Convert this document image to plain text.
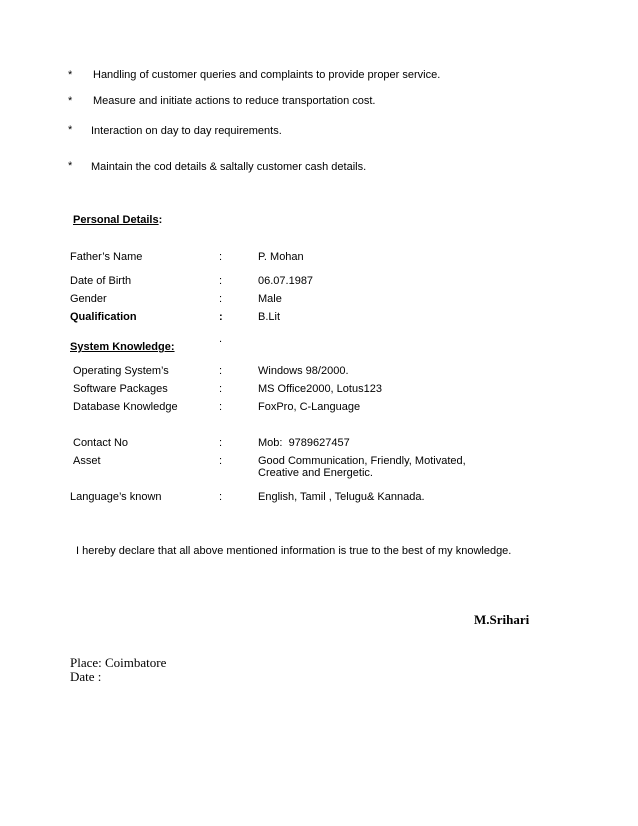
* Handling of customer queries and complaints to provide proper service.
* Measure and initiate actions to reduce transportation cost.
* Interaction on day to day requirements.
* Maintain the cod details & saltally customer cash details.
Personal Details:
Father’s Name	:	P. Mohan
Date of Birth	:	06.07.1987
Gender	:	Male
Qualification	:	B.Lit
.
System Knowledge:
Operating System’s	:	Windows 98/2000.
Software Packages	:	MS Office2000, Lotus123
Database Knowledge	:	FoxPro, C-Language
Contact No	:	Mob:  9789627457
Asset	:	Good Communication, Friendly, Motivated,
Creative and Energetic.
Language’s known	:	English, Tamil , Telugu& Kannada.
I hereby declare that all above mentioned information is true to the best of my knowledge.
M.Srihari
Place: Coimbatore
Date :
